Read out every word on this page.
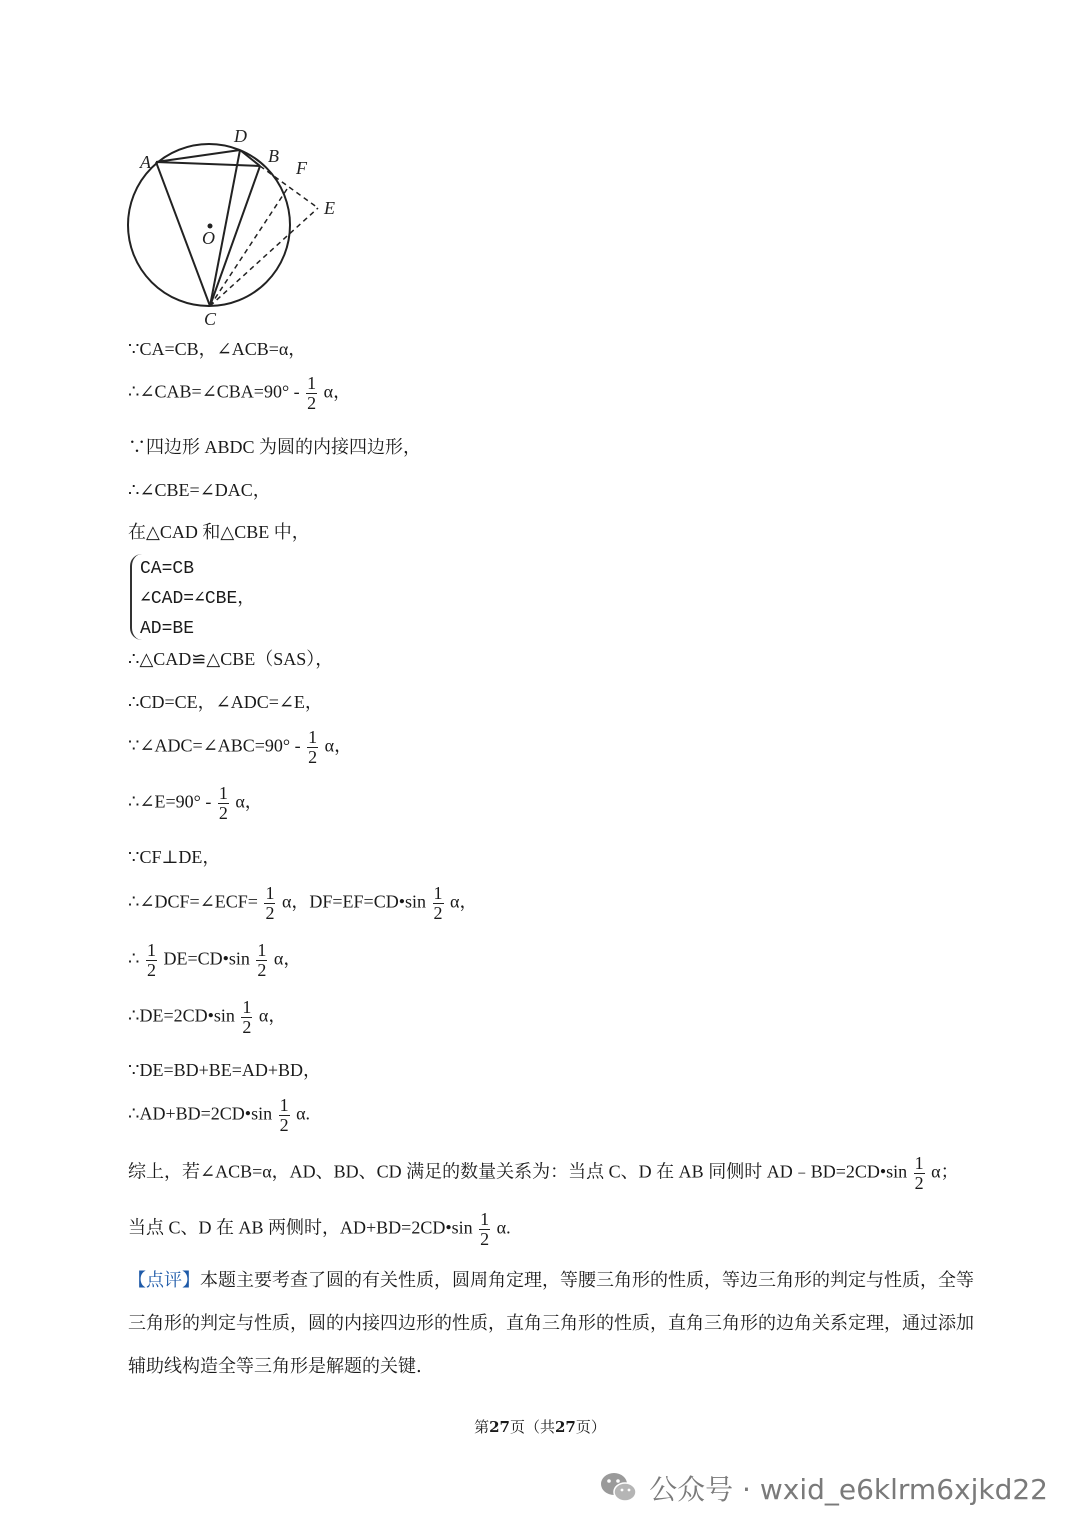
A
D
B
F
E
O
C
∵CA=CB，∠ACB=α，
∴∠CAB=∠CBA=90° - $\frac{1}{2}$ α，
∵四边形 ABDC 为圆的内接四边形，
∴∠CBE=∠DAC，
在△CAD 和△CBE 中，
CA=CB
∠CAD=∠CBE，
AD=BE
∴△CAD≌△CBE（SAS），
∴CD=CE，∠ADC=∠E，
∵∠ADC=∠ABC=90° - $\frac{1}{2}$ α，
∴∠E=90° - $\frac{1}{2}$ α，
∵CF⊥DE，
∴∠DCF=∠ECF= $\frac{1}{2}$ α，DF=EF=CD•sin $\frac{1}{2}$ α，
∴ $\frac{1}{2}$ DE=CD•sin $\frac{1}{2}$ α，
∴DE=2CD•sin $\frac{1}{2}$ α，
∵DE=BD+BE=AD+BD，
∴AD+BD=2CD•sin $\frac{1}{2} \alpha$.
综上，若∠ACB=α，AD、BD、CD 满足的数量关系为：当点 C、D 在 AB 同侧时 AD﹣BD=2CD•sin $\frac{1}{2}$ α；
当点 C、D 在 AB 两侧时，AD+BD=2CD•sin $\frac{1}{2} \alpha$.
【点评】本题主要考查了圆的有关性质，圆周角定理，等腰三角形的性质，等边三角形的判定与性质，全等三角形的判定与性质，圆的内接四边形的性质，直角三角形的性质，直角三角形的边角关系定理，通过添加辅助线构造全等三角形是解题的关键.
第27页（共27页）
公众号 · wxid_e6klrm6xjkd22
